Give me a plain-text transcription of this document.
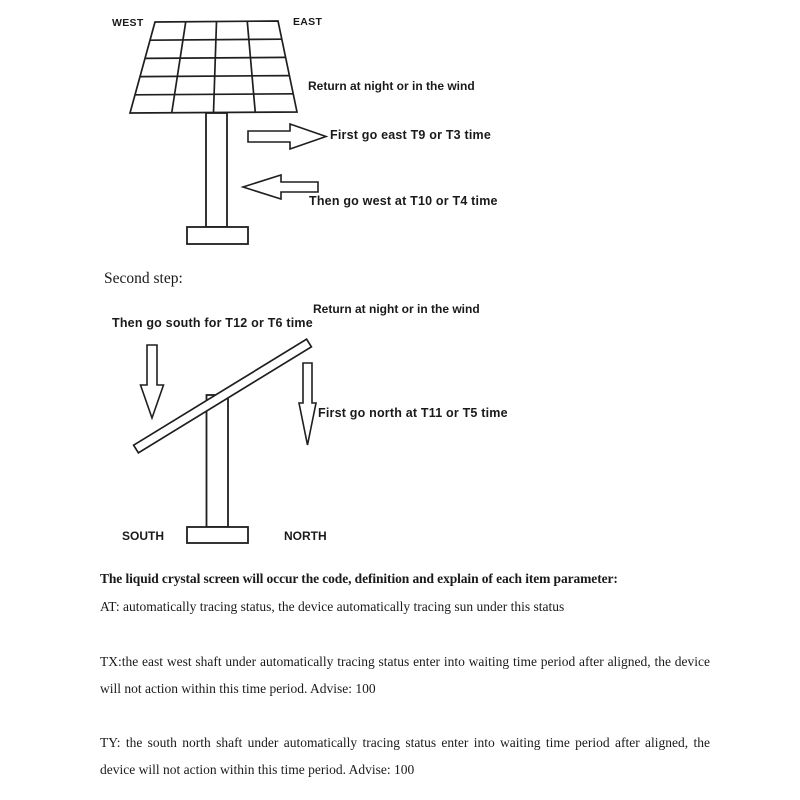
WEST	EAST
Return at night or in the wind
First go east T9 or T3 time
Then go west at T10 or T4 time
Second step:
Return at night or in the wind
Then go south for T12 or T6 time
First go north at T11 or T5 time
SOUTH	NORTH
The liquid crystal screen will occur the code, definition and explain of each item parameter:
AT: automatically tracing status, the device automatically tracing sun under this status
TX:the east west shaft under automatically tracing status enter into waiting time period after aligned, the device will not action within this time period. Advise: 100
TY: the south north shaft under automatically tracing status enter into waiting time period after aligned, the device will not action within this time period. Advise: 100
